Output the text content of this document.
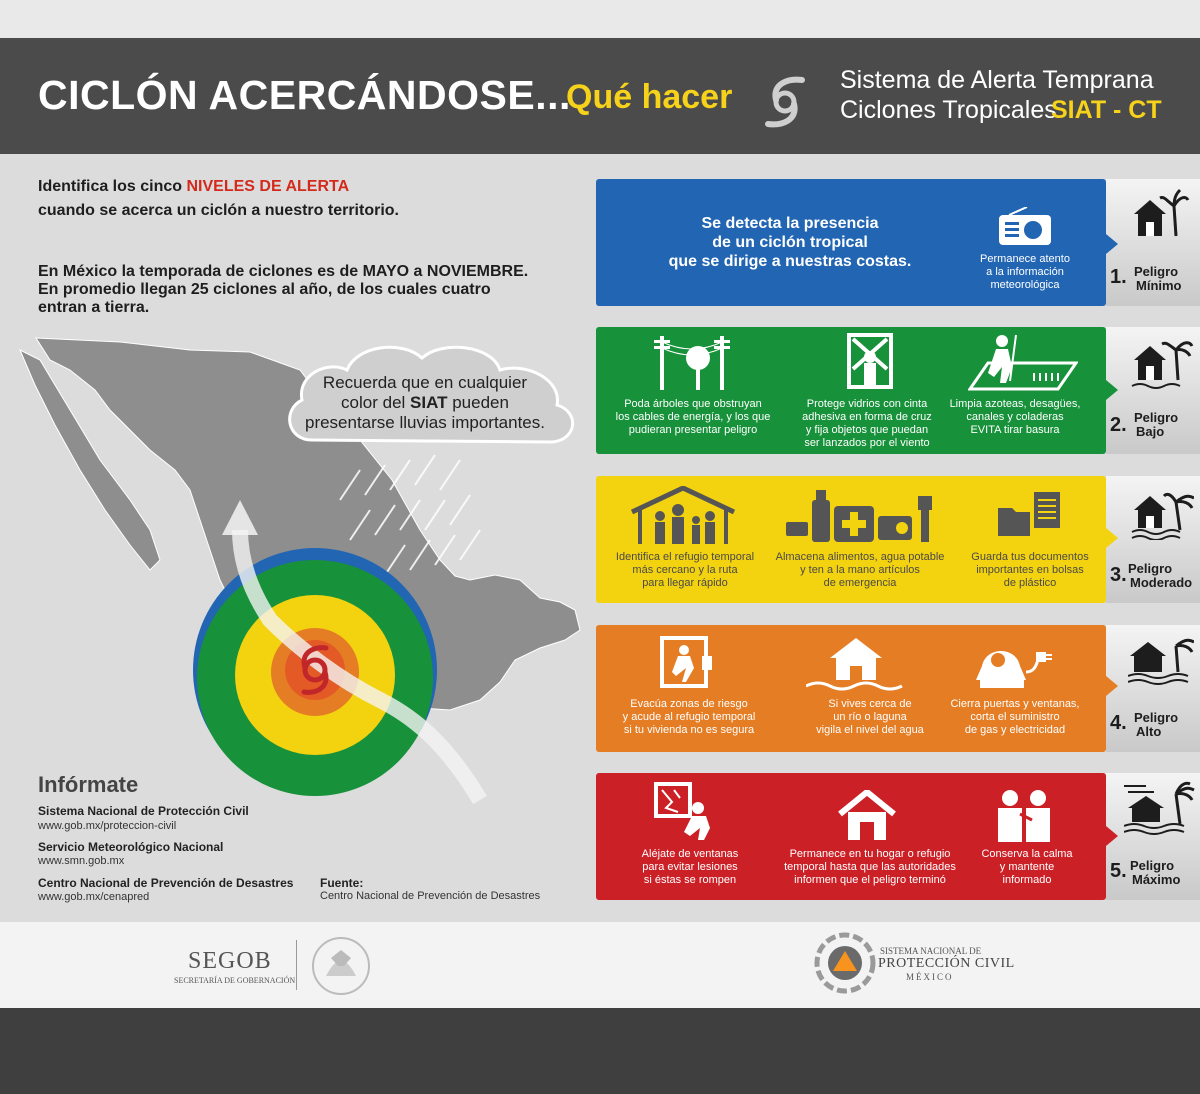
CICLÓN ACERCÁNDOSE...
Qué hacer	Sistema de Alerta Temprana
Ciclones Tropicales
SIAT - CT
Identifica los cinco NIVELES DE ALERTA
cuando se acerca un ciclón a nuestro territorio.
En México la temporada de ciclones es de MAYO a NOVIEMBRE.
En promedio llegan 25 ciclones al año, de los cuales cuatro
entran a tierra.
Recuerda que en cualquier
color del SIAT pueden
presentarse lluvias importantes.
Infórmate
Sistema Nacional de Protección Civil
www.gob.mx/proteccion-civil
Servicio Meteorológico Nacional
www.smn.gob.mx
Centro Nacional de Prevención de Desastres
www.gob.mx/cenapred
Fuente:
Centro Nacional de Prevención de Desastres
Se detecta la presencia
de un ciclón tropical
que se dirige a nuestras costas.	Permanece atento
a la información
meteorológica	1. Peligro
Mínimo
Poda árboles que obstruyan
los cables de energía, y los que
pudieran presentar peligro
Protege vidrios con cinta
adhesiva en forma de cruz
y fija objetos que puedan
ser lanzados por el viento
Limpia azoteas, desagües,
canales y coladeras
EVITA tirar basura	2. Peligro
Bajo
Identifica el refugio temporal
más cercano y la ruta
para llegar rápido
Almacena alimentos, agua potable
y ten a la mano artículos
de emergencia
Guarda tus documentos
importantes en bolsas
de plástico	3. Peligro
Moderado
Evacúa zonas de riesgo
y acude al refugio temporal
si tu vivienda no es segura
Si vives cerca de
un río o laguna
vigila el nivel del agua
Cierra puertas y ventanas,
corta el suministro
de gas y electricidad	4. Peligro
Alto
Aléjate de ventanas
para evitar lesiones
si éstas se rompen
Permanece en tu hogar o refugio
temporal hasta que las autoridades
informen que el peligro terminó
Conserva la calma
y mantente
informado	5. Peligro
Máximo
SEGOB
SECRETARÍA DE GOBERNACIÓN
SISTEMA NACIONAL DE
PROTECCIÓN CIVIL
MÉXICO
